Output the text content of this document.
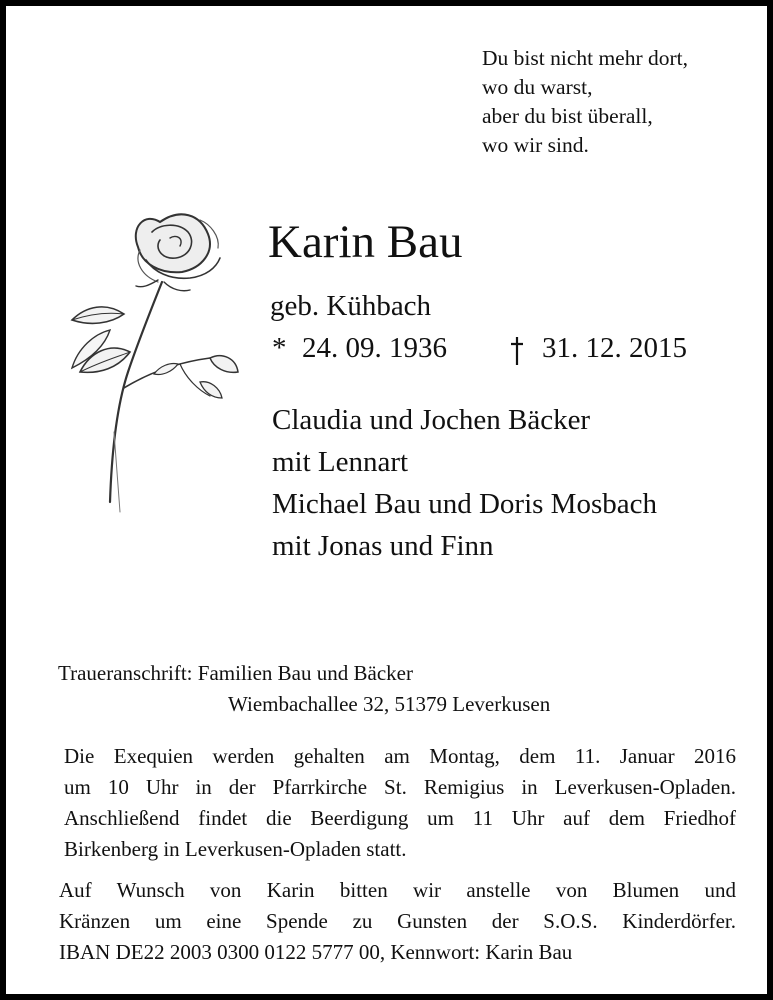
Du bist nicht mehr dort,
wo du warst,
aber du bist überall,
wo wir sind.
Karin Bau
geb. Kühbach
* 24. 09. 1936	31. 12. 2015
Claudia und Jochen Bäcker
mit Lennart
Michael Bau und Doris Mosbach
mit Jonas und Finn
Traueranschrift: Familien Bau und Bäcker
Wiembachallee 32, 51379 Leverkusen
Die Exequien werden gehalten am Montag, dem 11. Januar 2016
um 10 Uhr in der Pfarrkirche St. Remigius in Leverkusen-Opladen.
Anschließend findet die Beerdigung um 11 Uhr auf dem Friedhof
Birkenberg in Leverkusen-Opladen statt.
Auf Wunsch von Karin bitten wir anstelle von Blumen und
Kränzen um eine Spende zu Gunsten der S.O.S. Kinderdörfer.
IBAN DE22 2003 0300 0122 5777 00, Kennwort: Karin Bau
